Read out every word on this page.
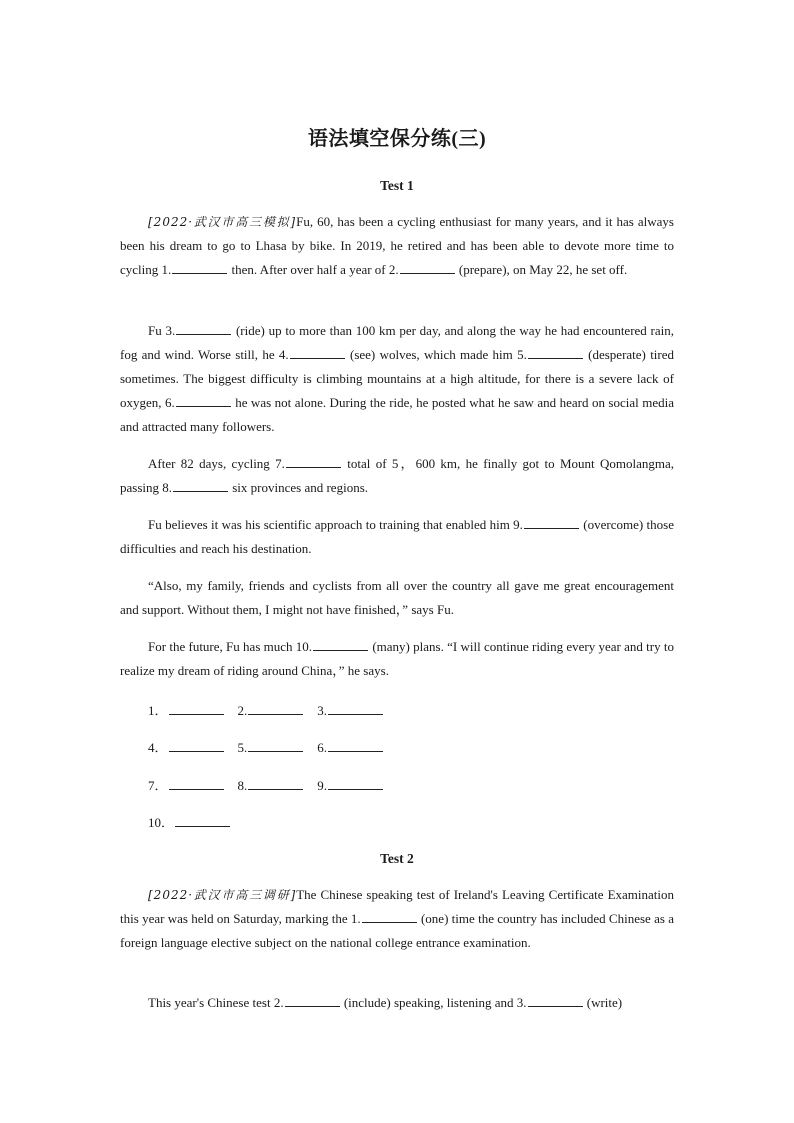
语法填空保分练(三)
Test 1

[2022·武汉市高三模拟]Fu, 60, has been a cycling enthusiast for many years, and it has always been his dream to go to Lhasa by bike. In 2019, he retired and has been able to devote more time to cycling 1.	then. After over half a year of 2.	(prepare), on May 22, he set off.

Fu 3.	(ride) up to more than 100 km per day, and along the way he had encountered rain, fog and wind. Worse still, he 4.	(see) wolves, which made him 5.	(desperate) tired sometimes. The biggest difficulty is climbing mountains at a high altitude, for there is a severe lack of oxygen, 6.	he was not alone. During the ride, he posted what he saw and heard on social media and attracted many followers.

After 82 days, cycling 7.	total of 5，600 km, he finally got to Mount Qomolangma, passing 8.	six provinces and regions.

Fu believes it was his scientific approach to training that enabled him 9.	(overcome) those difficulties and reach his destination.

“Also, my family, friends and cyclists from all over the country all gave me great encouragement and support. Without them, I might not have finished，” says Fu.

For the future, Fu has much 10.	(many) plans. “I will continue riding every year and try to realize my dream of riding around China，” he says.

1．	2.	3.
4．	5.	6.
7．	8.	9.
10．
Test 2

[2022·武汉市高三调研]The Chinese speaking test of Ireland's Leaving Certificate Examination this year was held on Saturday, marking the 1.	(one) time the country has included Chinese as a foreign language elective subject on the national college entrance examination.

This year's Chinese test 2.	(include) speaking, listening and 3.	(write)
